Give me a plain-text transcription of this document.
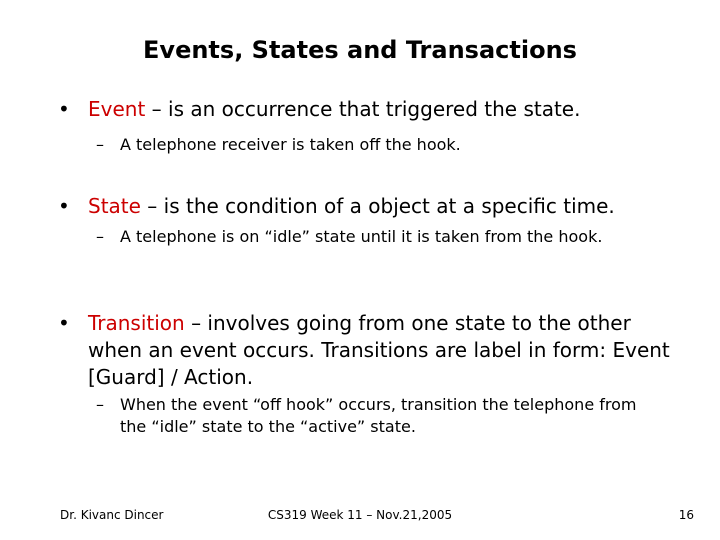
Events, States and Transactions
• Event – is an occurrence that triggered the state.
– A telephone receiver is taken off the hook.
• State – is the condition of a object at a specific time.
– A telephone is on “idle” state until it is taken from the hook.
• Transition – involves going from one state to the other when an event occurs. Transitions are label in form: Event [Guard] / Action.
– When the event “off hook” occurs, transition the telephone from the “idle” state to the “active” state.
Dr. Kivanc Dincer	CS319 Week 11 – Nov.21,2005	16
